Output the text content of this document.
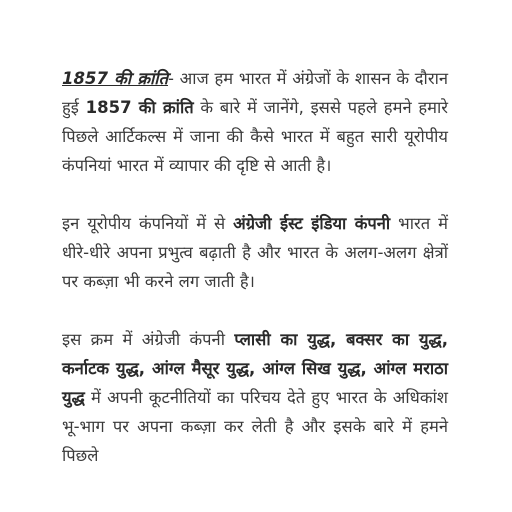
1857 की क्रांति- आज हम भारत में अंग्रेजों के शासन के दौरान हुई 1857 की क्रांति के बारे में जानेंगे, इससे पहले हमने हमारे पिछले आर्टिकल्स में जाना की कैसे भारत में बहुत सारी यूरोपीय कंपनियां भारत में व्यापार की दृष्टि से आती है।

इन यूरोपीय कंपनियों में से अंग्रेजी ईस्ट इंडिया कंपनी भारत में धीरे-धीरे अपना प्रभुत्व बढ़ाती है और भारत के अलग-अलग क्षेत्रों पर कब्ज़ा भी करने लग जाती है।

इस क्रम में अंग्रेजी कंपनी प्लासी का युद्ध, बक्सर का युद्ध, कर्नाटक युद्ध, आंग्ल मैसूर युद्ध, आंग्ल सिख युद्ध, आंग्ल मराठा युद्ध में अपनी कूटनीतियों का परिचय देते हुए भारत के अधिकांश भू-भाग पर अपना कब्ज़ा कर लेती है और इसके बारे में हमने पिछले
